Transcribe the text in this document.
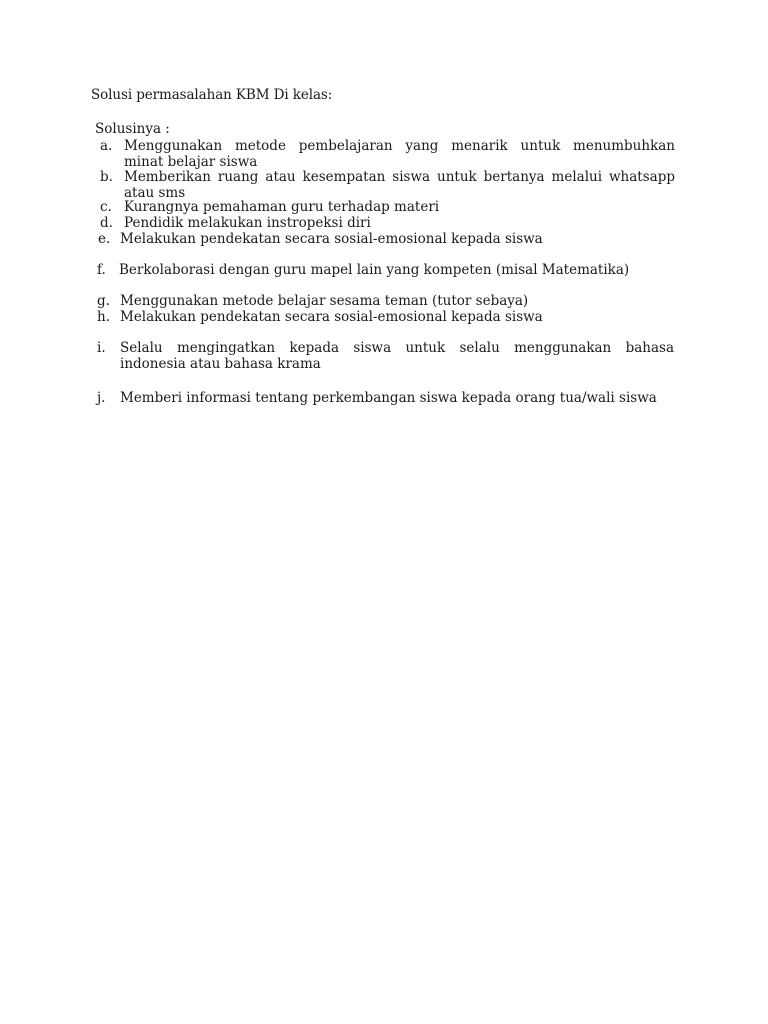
Solusi permasalahan KBM Di kelas:
Solusinya :
a. Menggunakan metode pembelajaran yang menarik untuk menumbuhkan
minat belajar siswa
b. Memberikan ruang atau kesempatan siswa untuk bertanya melalui whatsapp
atau sms
c. Kurangnya pemahaman guru terhadap materi
d. Pendidik melakukan instropeksi diri
e. Melakukan pendekatan secara sosial-emosional kepada siswa
f. Berkolaborasi dengan guru mapel lain yang kompeten (misal Matematika)
g. Menggunakan metode belajar sesama teman (tutor sebaya)
h. Melakukan pendekatan secara sosial-emosional kepada siswa
i. Selalu mengingatkan kepada siswa untuk selalu menggunakan bahasa
indonesia atau bahasa krama
j. Memberi informasi tentang perkembangan siswa kepada orang tua/wali siswa
